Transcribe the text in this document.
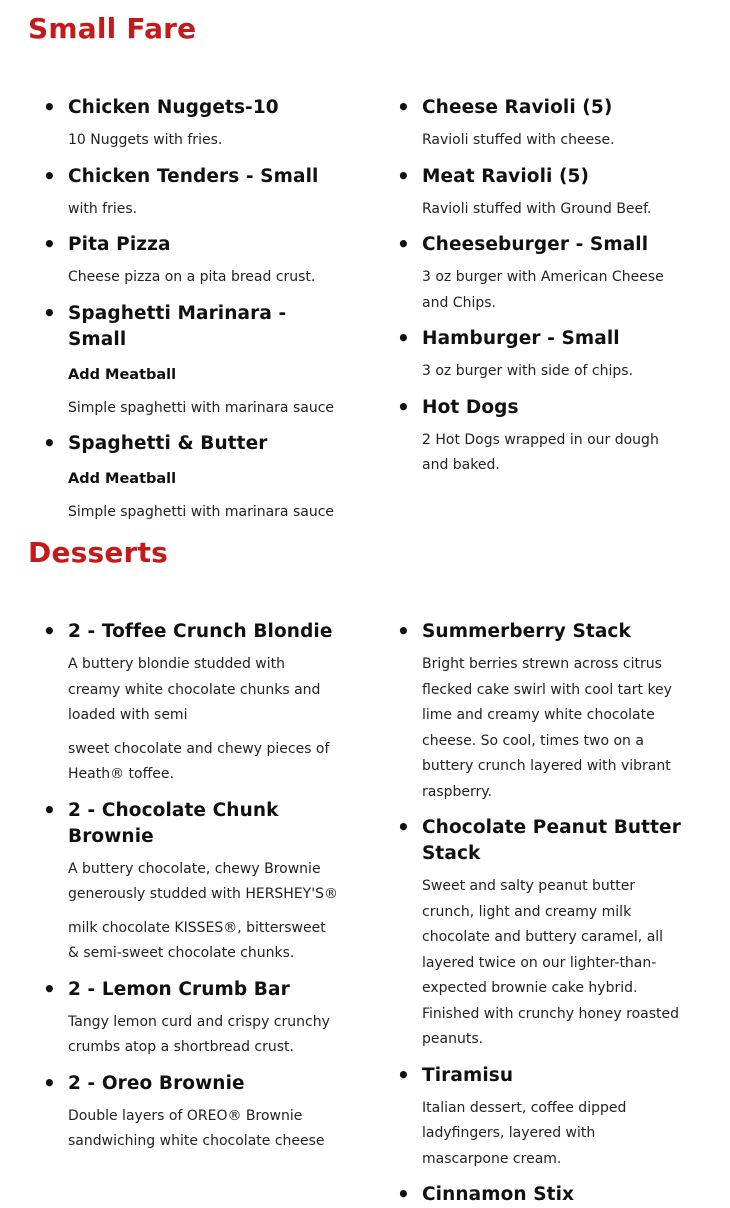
Small Fare
• Chicken Nuggets-10
10 Nuggets with fries.
• Chicken Tenders - Small
with fries.
• Pita Pizza
Cheese pizza on a pita bread crust.
• Spaghetti Marinara - Small
Add Meatball
Simple spaghetti with marinara sauce
• Spaghetti & Butter
Add Meatball
Simple spaghetti with marinara sauce
• Cheese Ravioli (5)
Ravioli stuffed with cheese.
• Meat Ravioli (5)
Ravioli stuffed with Ground Beef.
• Cheeseburger - Small
3 oz burger with American Cheese and Chips.
• Hamburger - Small
3 oz burger with side of chips.
• Hot Dogs
2 Hot Dogs wrapped in our dough and baked.
Desserts
• 2 - Toffee Crunch Blondie
A buttery blondie studded with creamy white chocolate chunks and loaded with semi
sweet chocolate and chewy pieces of Heath® toffee.
• 2 - Chocolate Chunk Brownie
A buttery chocolate, chewy Brownie generously studded with HERSHEY'S®
milk chocolate KISSES®, bittersweet & semi-sweet chocolate chunks.
• 2 - Lemon Crumb Bar
Tangy lemon curd and crispy crunchy crumbs atop a shortbread crust.
• 2 - Oreo Brownie
Double layers of OREO® Brownie sandwiching white chocolate cheese
• Summerberry Stack
Bright berries strewn across citrus flecked cake swirl with cool tart key lime and creamy white chocolate cheese. So cool, times two on a buttery crunch layered with vibrant raspberry.
• Chocolate Peanut Butter Stack
Sweet and salty peanut butter crunch, light and creamy milk chocolate and buttery caramel, all layered twice on our lighter-than-expected brownie cake hybrid. Finished with crunchy honey roasted peanuts.
• Tiramisu
Italian dessert, coffee dipped ladyfingers, layered with mascarpone cream.
• Cinnamon Stix
